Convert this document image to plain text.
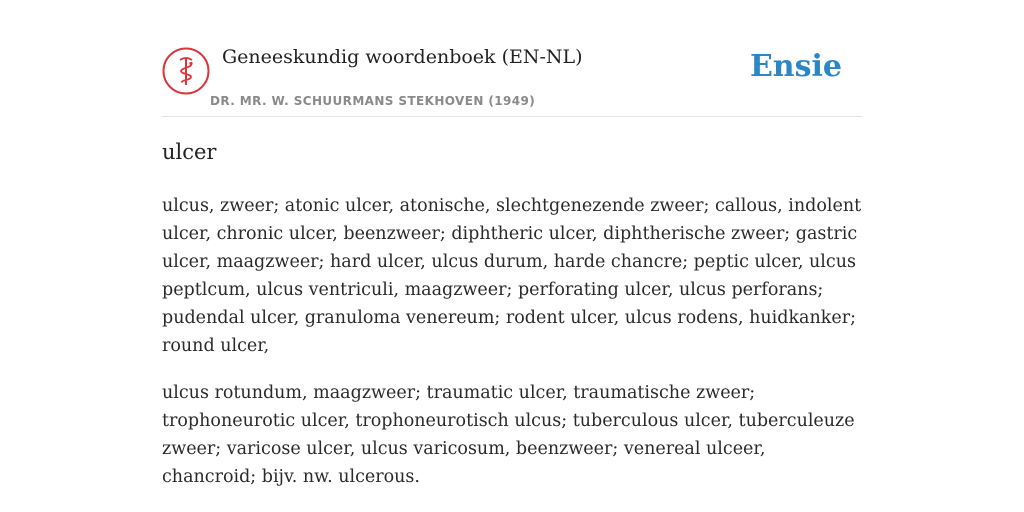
Geneeskundig woordenboek (EN-NL)
DR. MR. W. SCHUURMANS STEKHOVEN (1949)
Ensie
ulcer

ulcus, zweer; atonic ulcer, atonische, slechtgenezende zweer; callous, indolent ulcer, chronic ulcer, beenzweer; diphtheric ulcer, diphtherische zweer; gastric ulcer, maagzweer; hard ulcer, ulcus durum, harde chancre; peptic ulcer, ulcus peptlcum, ulcus ventriculi, maagzweer; perforating ulcer, ulcus perforans; pudendal ulcer, granuloma venereum; rodent ulcer, ulcus rodens, huidkanker; round ulcer,

ulcus rotundum, maagzweer; traumatic ulcer, traumatische zweer; trophoneurotic ulcer, trophoneurotisch ulcus; tuberculous ulcer, tuberculeuze zweer; varicose ulcer, ulcus varicosum, beenzweer; venereal ulceer, chancroid; bijv. nw. ulcerous.
